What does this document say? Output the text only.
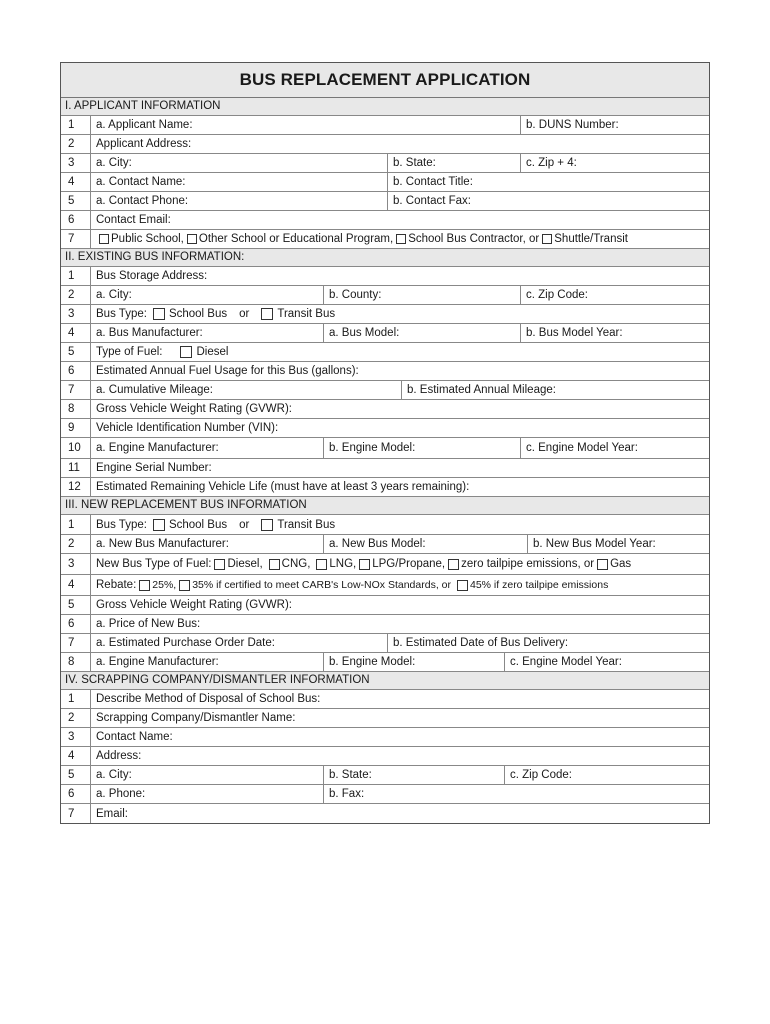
BUS REPLACEMENT APPLICATION
I. APPLICANT INFORMATION
1	a. Applicant Name:	b. DUNS Number:
2	Applicant Address:
3	a. City:	b. State:	c. Zip + 4:
4	a. Contact Name:	b. Contact Title:
5	a. Contact Phone:	b. Contact Fax:
6	Contact Email:
7	Public School, Other School or Educational Program, School Bus Contractor, or Shuttle/Transit
II. EXISTING BUS INFORMATION:
1	Bus Storage Address:
2	a. City:	b. County:	c. Zip Code:
3	Bus Type: School Bus or Transit Bus
4	a. Bus Manufacturer:	a. Bus Model:	b. Bus Model Year:
5	Type of Fuel:	Diesel
6	Estimated Annual Fuel Usage for this Bus (gallons):
7	a. Cumulative Mileage:	b. Estimated Annual Mileage:
8	Gross Vehicle Weight Rating (GVWR):
9	Vehicle Identification Number (VIN):
10	a. Engine Manufacturer:	b. Engine Model:	c. Engine Model Year:
11	Engine Serial Number:
12	Estimated Remaining Vehicle Life (must have at least 3 years remaining):
III. NEW REPLACEMENT BUS INFORMATION
1	Bus Type: School Bus or Transit Bus
2	a. New Bus Manufacturer:	a. New Bus Model:	b. New Bus Model Year:
3	New Bus Type of Fuel: Diesel, CNG, LNG, LPG/Propane, zero tailpipe emissions, or Gas
4	Rebate: 25%, 35% if certified to meet CARB's Low-NOx Standards, or 45% if zero tailpipe emissions
5	Gross Vehicle Weight Rating (GVWR):
6	a. Price of New Bus:
7	a. Estimated Purchase Order Date:	b. Estimated Date of Bus Delivery:
8	a. Engine Manufacturer:	b. Engine Model:	c. Engine Model Year:
IV. SCRAPPING COMPANY/DISMANTLER INFORMATION
1	Describe Method of Disposal of School Bus:
2	Scrapping Company/Dismantler Name:
3	Contact Name:
4	Address:
5	a. City:	b. State:	c. Zip Code:
6	a. Phone:	b. Fax:
7	Email:
